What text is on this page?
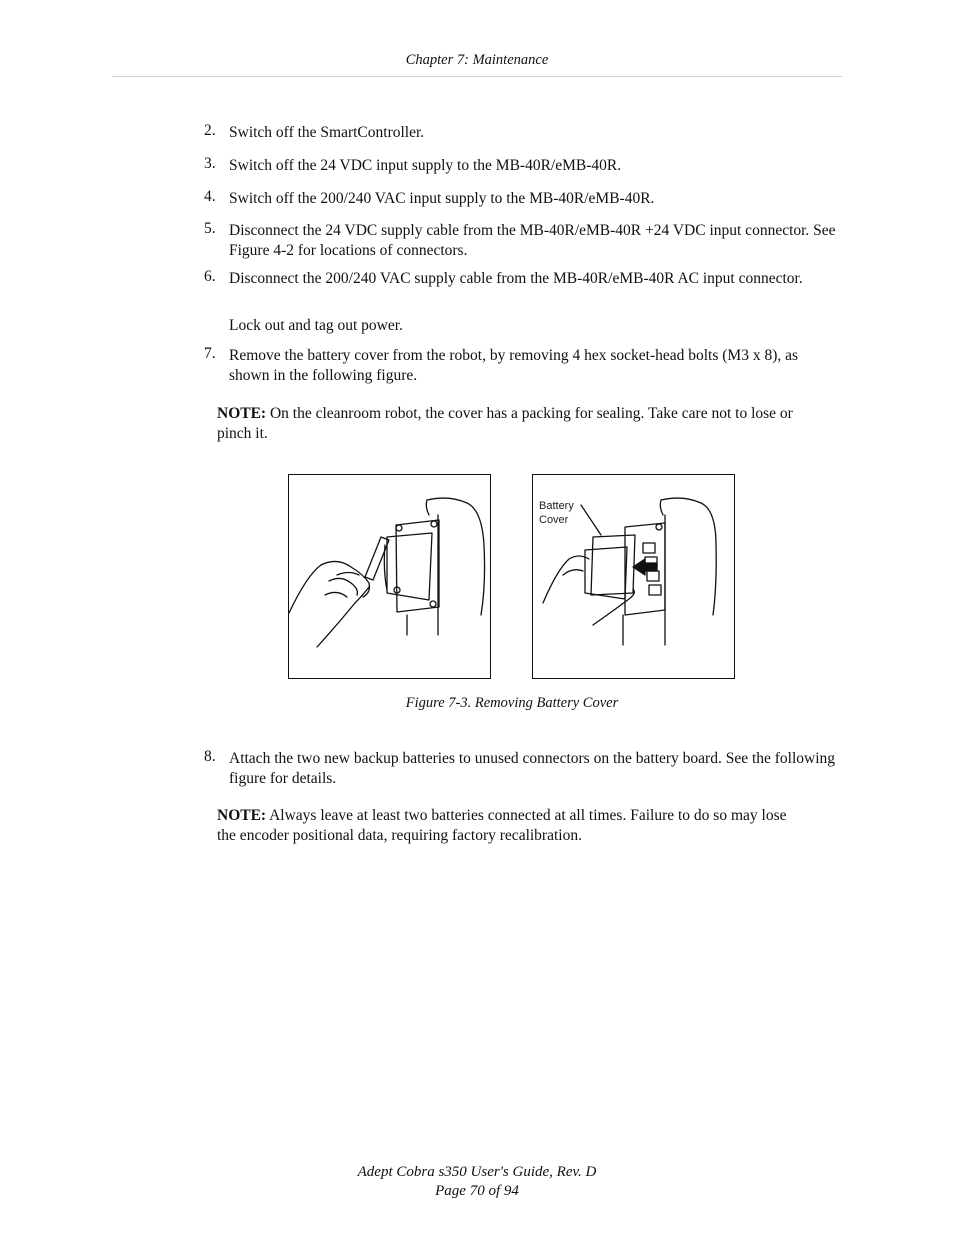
Chapter 7: Maintenance
2. Switch off the SmartController.
3. Switch off the 24 VDC input supply to the MB-40R/eMB-40R.
4. Switch off the 200/240 VAC input supply to the MB-40R/eMB-40R.
5. Disconnect the 24 VDC supply cable from the MB-40R/eMB-40R +24 VDC input connector. See Figure 4-2 for locations of connectors.
6. Disconnect the 200/240 VAC supply cable from the MB-40R/eMB-40R AC input connector.
Lock out and tag out power.
7. Remove the battery cover from the robot, by removing 4 hex socket-head bolts (M3 x 8), as shown in the following figure.
NOTE: On the cleanroom robot, the cover has a packing for sealing. Take care not to lose or pinch it.
Battery
Cover
Figure 7-3. Removing Battery Cover
8. Attach the two new backup batteries to unused connectors on the battery board. See the following figure for details.
NOTE: Always leave at least two batteries connected at all times. Failure to do so may lose the encoder positional data, requiring factory recalibration.
Adept Cobra s350 User's Guide, Rev. D
Page 70 of 94
